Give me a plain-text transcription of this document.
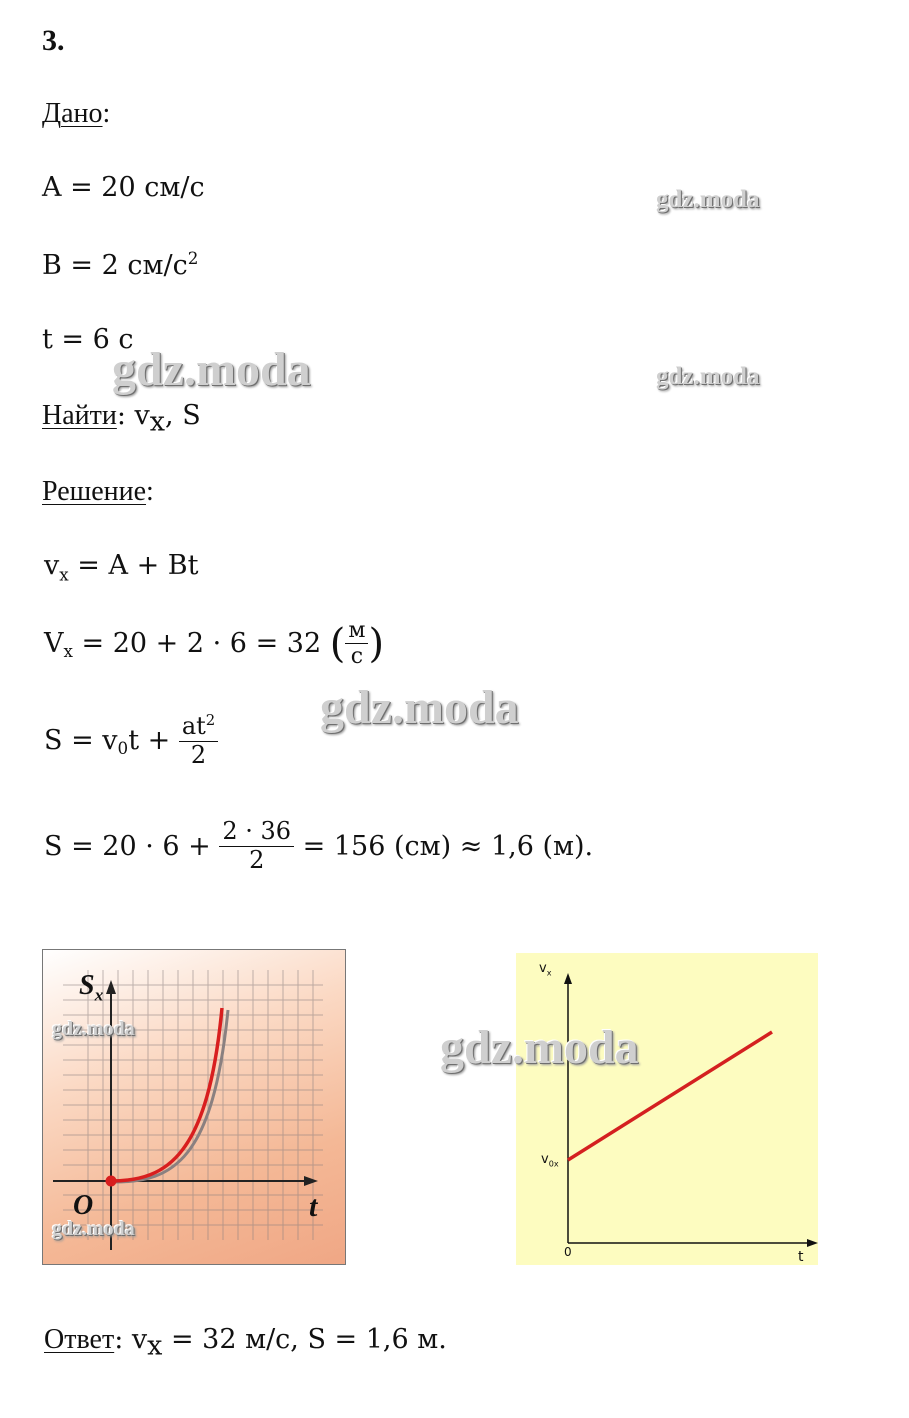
3.
Дано:
A = 20 см/с
B = 2 $см/с^2$
t = 6 с
Найти: $v_x$, S
Решение:
$v_x = A + Bt$
$V_x = 20 + 2 \cdot 6 = 32$ ( $\frac{м}{с}$ )
$S = v_0$ $t + \frac{at^2}{2}$
$S = 20 \cdot 6 + \frac{2 \cdot 36}{2} = 156$ (см) ≈ 1,6 (м).
$S_x$
t
O
$v_x$
$v_{0x}$
0	t
Ответ: $v_x = 32$ м/с, S = 1,6 м.
gdz.moda
gdz.moda	gdz.moda
gdz.moda
gdz.moda	gdz.moda
gdz.moda
